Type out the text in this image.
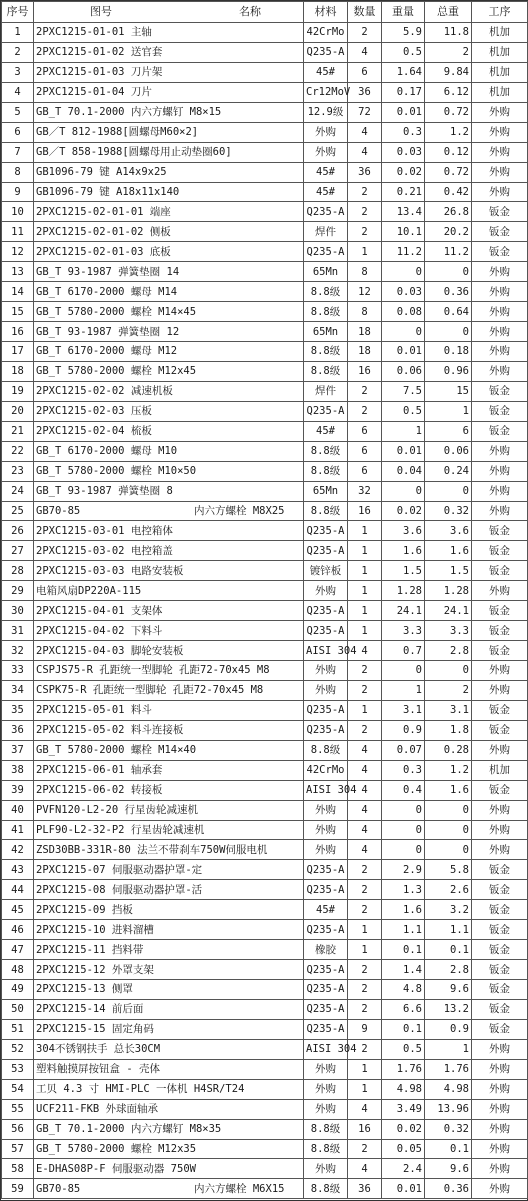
序号	图号 名称	材料	数量	重量	总重	工序
1	2PXC1215-01-01 主轴	42CrMo	2	5.9	11.8	机加
2	2PXC1215-01-02 送官套	Q235-A	4	0.5	2	机加
3	2PXC1215-01-03 刀片架	45#	6	1.64	9.84	机加
4	2PXC1215-01-04 刀片	Cr12MoV	36	0.17	6.12	机加
5	GB_T 70.1-2000 内六方螺钉 M8×15	12.9级	72	0.01	0.72	外购
6	GB／T 812-1988[圆螺母M60×2]	外购	4	0.3	1.2	外购
7	GB／T 858-1988[圆螺母用止动垫圈60]	外购	4	0.03	0.12	外购
8	GB1096-79 键 A14x9x25	45#	36	0.02	0.72	外购
9	GB1096-79 键 A18x11x140	45#	2	0.21	0.42	外购
10	2PXC1215-02-01-01 端座	Q235-A	2	13.4	26.8	钣金
11	2PXC1215-02-01-02 侧板	焊件	2	10.1	20.2	钣金
12	2PXC1215-02-01-03 底板	Q235-A	1	11.2	11.2	钣金
13	GB_T 93-1987 弹簧垫圈 14	65Mn	8	0	0	外购
14	GB_T 6170-2000 螺母 M14	8.8级	12	0.03	0.36	外购
15	GB_T 5780-2000 螺栓 M14×45	8.8级	8	0.08	0.64	外购
16	GB_T 93-1987 弹簧垫圈 12	65Mn	18	0	0	外购
17	GB_T 6170-2000 螺母 M12	8.8级	18	0.01	0.18	外购
18	GB_T 5780-2000 螺栓 M12x45	8.8级	16	0.06	0.96	外购
19	2PXC1215-02-02 减速机板	焊件	2	7.5	15	钣金
20	2PXC1215-02-03 压板	Q235-A	2	0.5	1	钣金
21	2PXC1215-02-04 梳板	45#	6	1	6	钣金
22	GB_T 6170-2000 螺母 M10	8.8级	6	0.01	0.06	外购
23	GB_T 5780-2000 螺栓 M10×50	8.8级	6	0.04	0.24	外购
24	GB_T 93-1987 弹簧垫圈 8	65Mn	32	0	0	外购
25	GB70-85                  内六方螺栓 M8X25	8.8级	16	0.02	0.32	外购
26	2PXC1215-03-01 电控箱体	Q235-A	1	3.6	3.6	钣金
27	2PXC1215-03-02 电控箱盖	Q235-A	1	1.6	1.6	钣金
28	2PXC1215-03-03 电路安装板	镀锌板	1	1.5	1.5	钣金
29	电箱风扇DP220A-115	外购	1	1.28	1.28	外购
30	2PXC1215-04-01 支架体	Q235-A	1	24.1	24.1	钣金
31	2PXC1215-04-02 下料斗	Q235-A	1	3.3	3.3	钣金
32	2PXC1215-04-03 脚轮安装板	AISI 304	4	0.7	2.8	钣金
33	CSPJS75-R 孔距统一型脚轮 孔距72-70x45 M8	外购	2	0	0	外购
34	CSPK75-R 孔距统一型脚轮 孔距72-70x45 M8	外购	2	1	2	外购
35	2PXC1215-05-01 料斗	Q235-A	1	3.1	3.1	钣金
36	2PXC1215-05-02 料斗连接板	Q235-A	2	0.9	1.8	钣金
37	GB_T 5780-2000 螺栓 M14×40	8.8级	4	0.07	0.28	外购
38	2PXC1215-06-01 轴承套	42CrMo	4	0.3	1.2	机加
39	2PXC1215-06-02 转接板	AISI 304	4	0.4	1.6	钣金
40	PVFN120-L2-20 行星齿轮减速机	外购	4	0	0	外购
41	PLF90-L2-32-P2 行星齿轮减速机	外购	4	0	0	外购
42	ZSD30BB-331R-80 法兰不带刹车750W伺服电机	外购	4	0	0	外购
43	2PXC1215-07 伺服驱动器护罩-定	Q235-A	2	2.9	5.8	钣金
44	2PXC1215-08 伺服驱动器护罩-活	Q235-A	2	1.3	2.6	钣金
45	2PXC1215-09 挡板	45#	2	1.6	3.2	钣金
46	2PXC1215-10 进料溜槽	Q235-A	1	1.1	1.1	钣金
47	2PXC1215-11 挡料带	橡胶	1	0.1	0.1	钣金
48	2PXC1215-12 外罩支架	Q235-A	2	1.4	2.8	钣金
49	2PXC1215-13 侧罩	Q235-A	2	4.8	9.6	钣金
50	2PXC1215-14 前后面	Q235-A	2	6.6	13.2	钣金
51	2PXC1215-15 固定角码	Q235-A	9	0.1	0.9	钣金
52	304不锈钢扶手 总长30CM	AISI 304	2	0.5	1	外购
53	塑料触摸屏按钮盒 - 壳体	外购	1	1.76	1.76	外购
54	工贝 4.3 寸 HMI-PLC 一体机 H4SR/T24	外购	1	4.98	4.98	外购
55	UCF211-FKB 外球面轴承	外购	4	3.49	13.96	外购
56	GB_T 70.1-2000 内六方螺钉 M8×35	8.8级	16	0.02	0.32	外购
57	GB_T 5780-2000 螺栓 M12x35	8.8级	2	0.05	0.1	外购
58	E-DHAS08P-F 伺服驱动器 750W	外购	4	2.4	9.6	外购
59	GB70-85                  内六方螺栓 M6X15	8.8级	36	0.01	0.36	外购
